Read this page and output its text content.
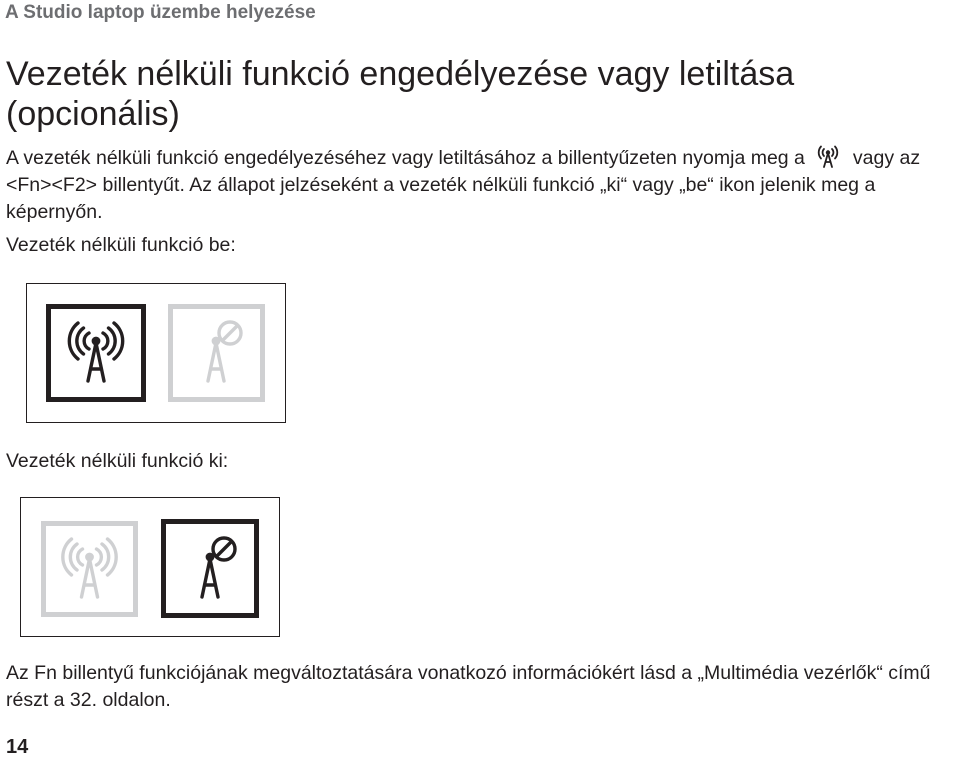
A Studio laptop üzembe helyezése
Vezeték nélküli funkció engedélyezése vagy letiltása (opcionális)

A vezeték nélküli funkció engedélyezéséhez vagy letiltásához a billentyűzeten nyomja meg a vagy az <Fn><F2> billentyűt. Az állapot jelzéseként a vezeték nélküli funkció „ki“ vagy „be“ ikon jelenik meg a képernyőn.

Vezeték nélküli funkció be:

Vezeték nélküli funkció ki:

Az Fn billentyű funkciójának megváltoztatására vonatkozó információkért lásd a „Multimédia vezérlők“ című részt a 32. oldalon.

14
